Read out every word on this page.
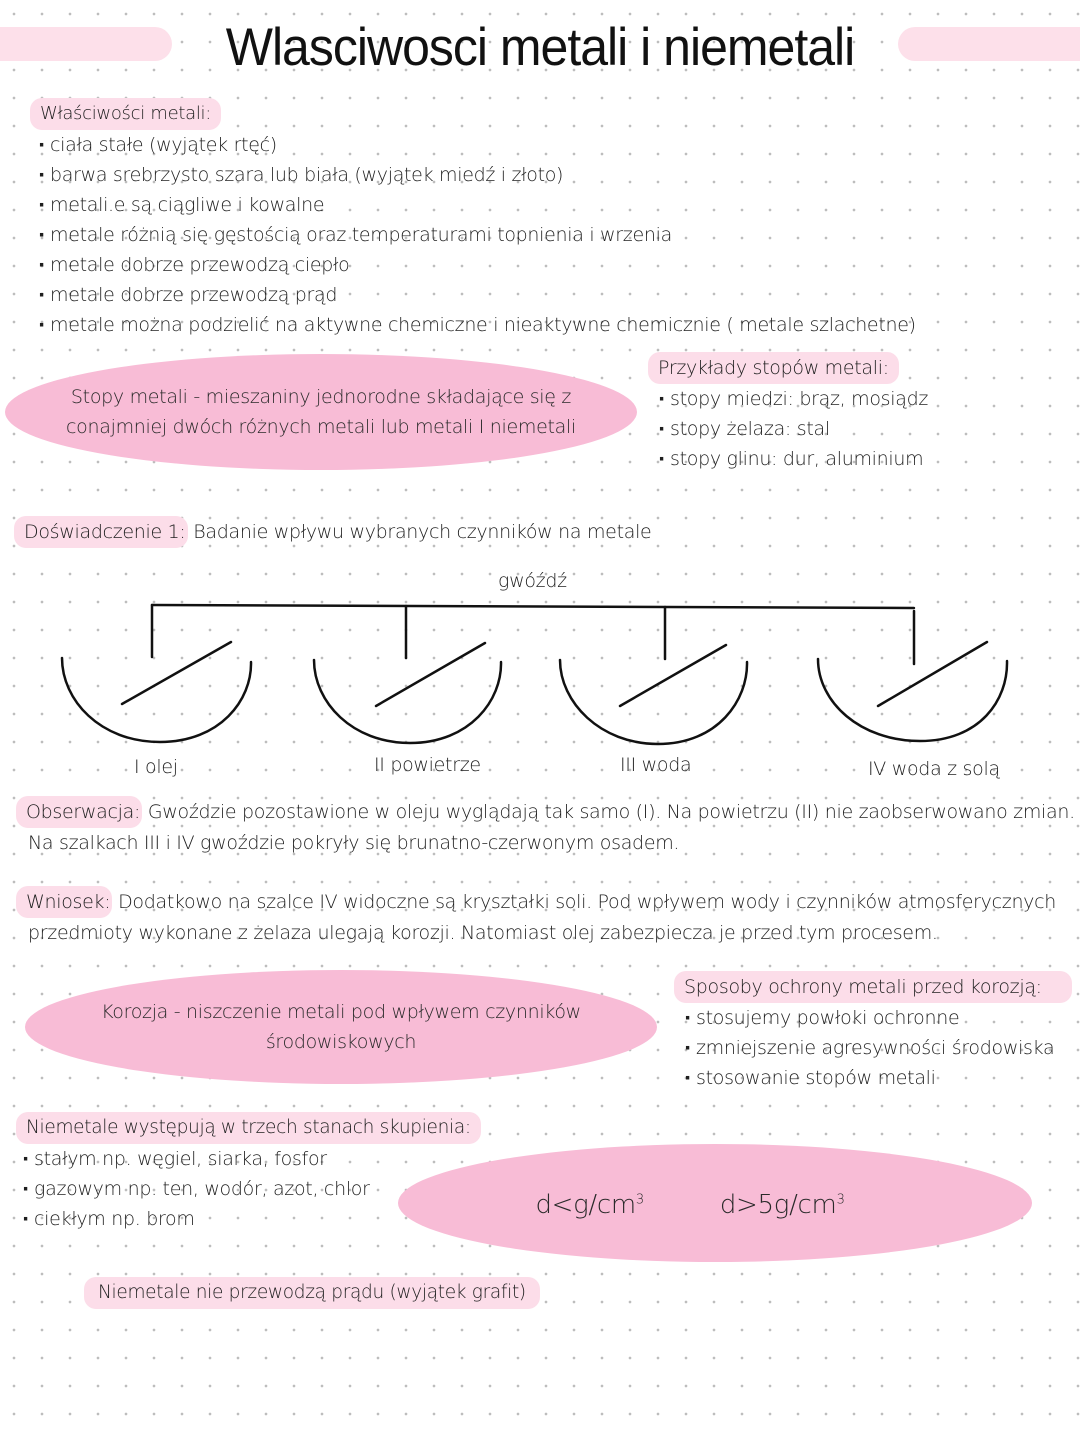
Wlasciwosci metali i niemetali
Właściwości metali:
· ciała stałe (wyjątek rtęć)
· barwa srebrzysto szara lub biała (wyjątek miedź i złoto)
· metali.e są ciągliwe i kowalne
· metale różnią się gęstością oraz temperaturami topnienia i wrzenia
· metale dobrze przewodzą ciepło
· metale dobrze przewodzą prąd
· metale można podzielić na aktywne chemiczne i nieaktywne chemicznie ( metale szlachetne)
Stopy metali - mieszaniny jednorodne składające się z
conajmniej dwóch różnych metali lub metali I niemetali
Przykłady stopów metali:
· stopy miedzi: brąz, mosiądz
· stopy żelaza: stal
· stopy glinu: dur, aluminium
Doświadczenie 1: Badanie wpływu wybranych czynników na metale
gwóźdź
I olej	II powietrze	III woda	IV woda z solą
Obserwacja: Gwoździe pozostawione w oleju wyglądają tak samo (I). Na powietrzu (II) nie zaobserwowano zmian.
Na szalkach III i IV gwoździe pokryły się brunatno-czerwonym osadem.
Wniosek: Dodatkowo na szalce IV widoczne są kryształki soli. Pod wpływem wody i czynników atmosferycznych
przedmioty wykonane z żelaza ulegają korozji. Natomiast olej zabezpiecza je przed tym procesem.
Korozja - niszczenie metali pod wpływem czynników
środowiskowych
Sposoby ochrony metali przed korozją:
· stosujemy powłoki ochronne
· zmniejszenie agresywności środowiska
· stosowanie stopów metali
Niemetale występują w trzech stanach skupienia:
· stałym np. węgiel, siarka, fosfor
· gazowym np. ten, wodór, azot, chlor
· ciekłym np. brom	$d<g/cm^3$	$d>5g/cm^3$
Niemetale nie przewodzą prądu (wyjątek grafit)
